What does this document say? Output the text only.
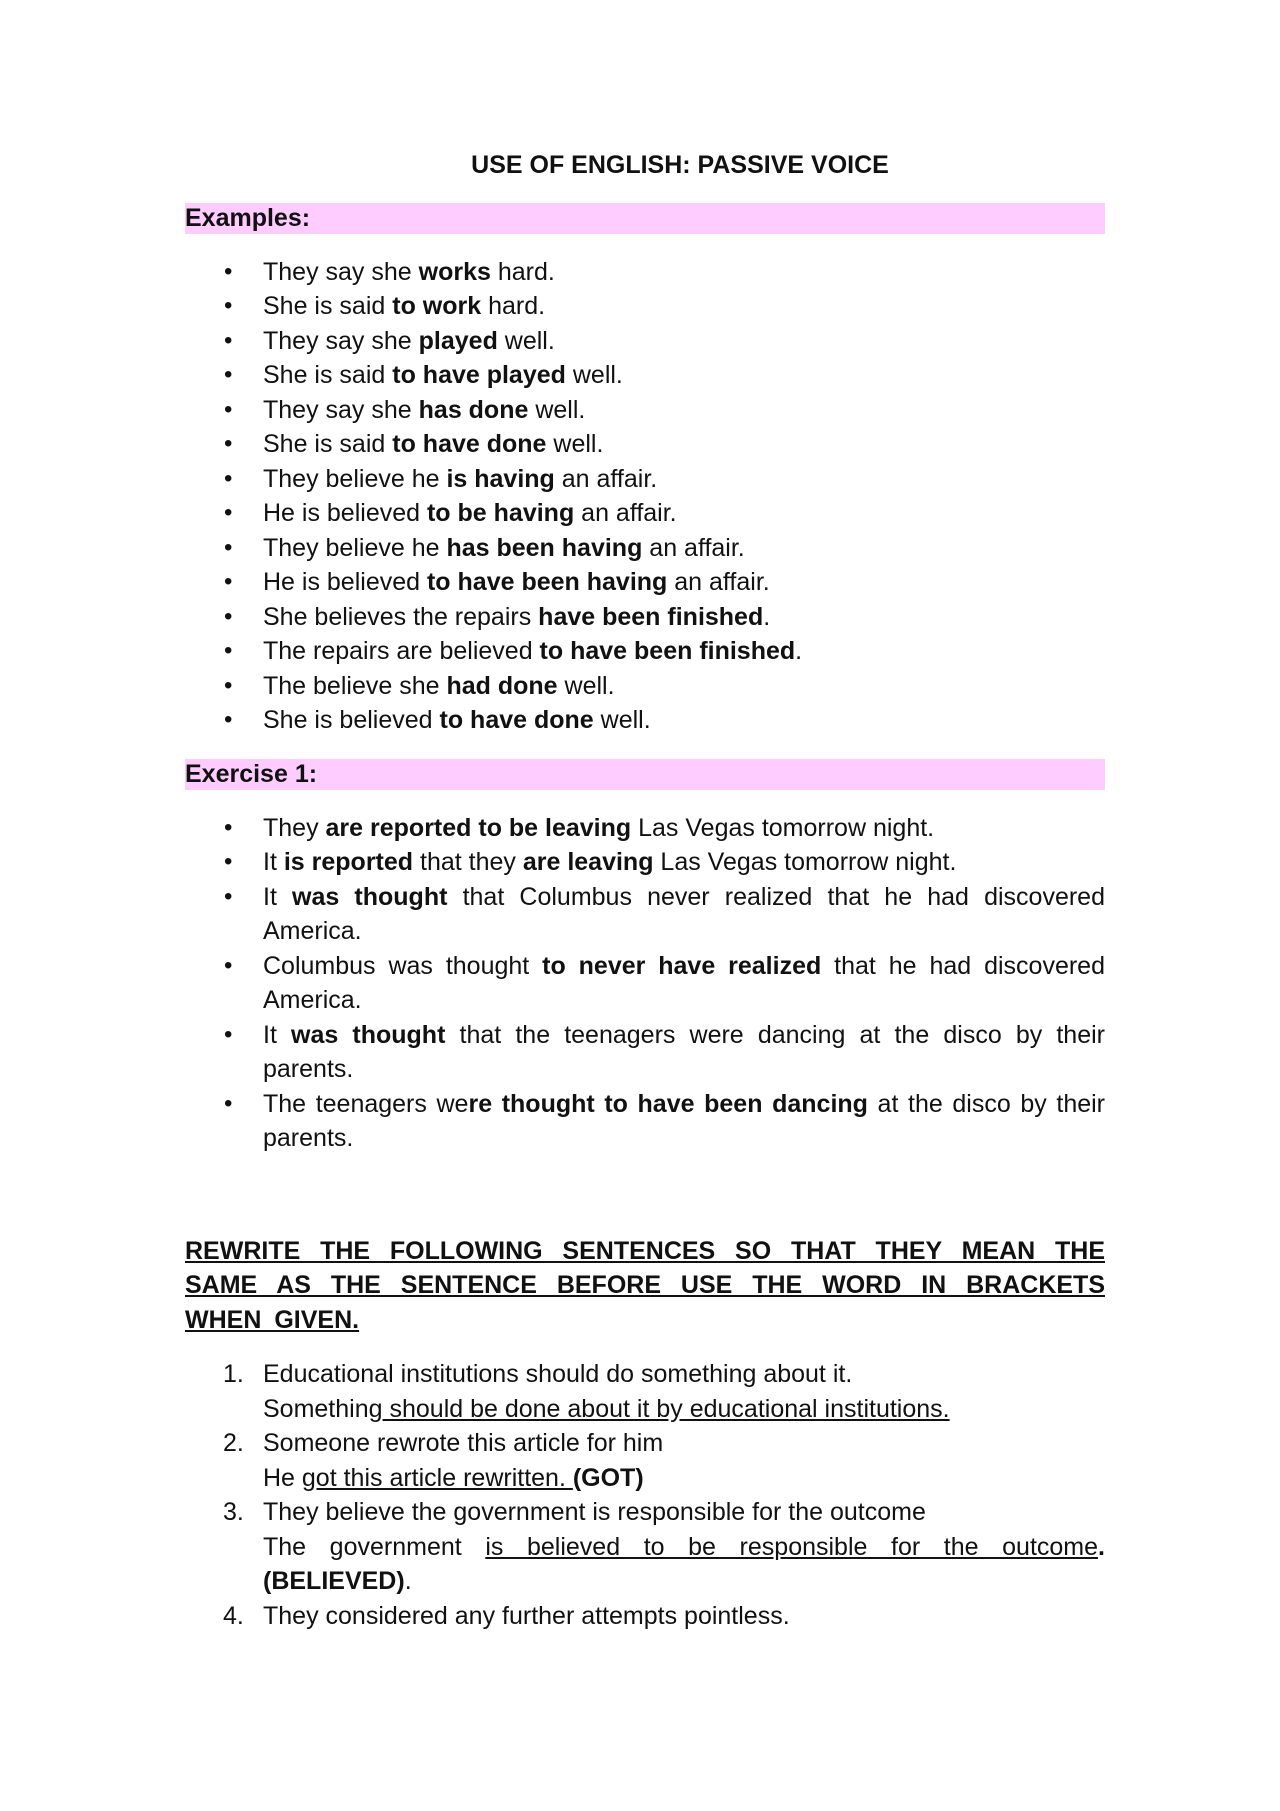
USE OF ENGLISH: PASSIVE VOICE
Examples:
• They say she works hard.
• She is said to work hard.
• They say she played well.
• She is said to have played well.
• They say she has done well.
• She is said to have done well.
• They believe he is having an affair.
• He is believed to be having an affair.
• They believe he has been having an affair.
• He is believed to have been having an affair.
• She believes the repairs have been finished.
• The repairs are believed to have been finished.
• The believe she had done well.
• She is believed to have done well.
Exercise 1:
• They are reported to be leaving Las Vegas tomorrow night.
• It is reported that they are leaving Las Vegas tomorrow night.
• It was thought that Columbus never realized that he had discovered America.
• Columbus was thought to never have realized that he had discovered America.
• It was thought that the teenagers were dancing at the disco by their parents.
• The teenagers were thought to have been dancing at the disco by their parents.
REWRITE THE FOLLOWING SENTENCES SO THAT THEY MEAN THE SAME AS THE SENTENCE BEFORE USE THE WORD IN BRACKETS WHEN GIVEN.
1. Educational institutions should do something about it.
Something should be done about it by educational institutions.
2. Someone rewrote this article for him
He got this article rewritten. (GOT)
3. They believe the government is responsible for the outcome
The government is believed to be responsible for the outcome. (BELIEVED).
4. They considered any further attempts pointless.
